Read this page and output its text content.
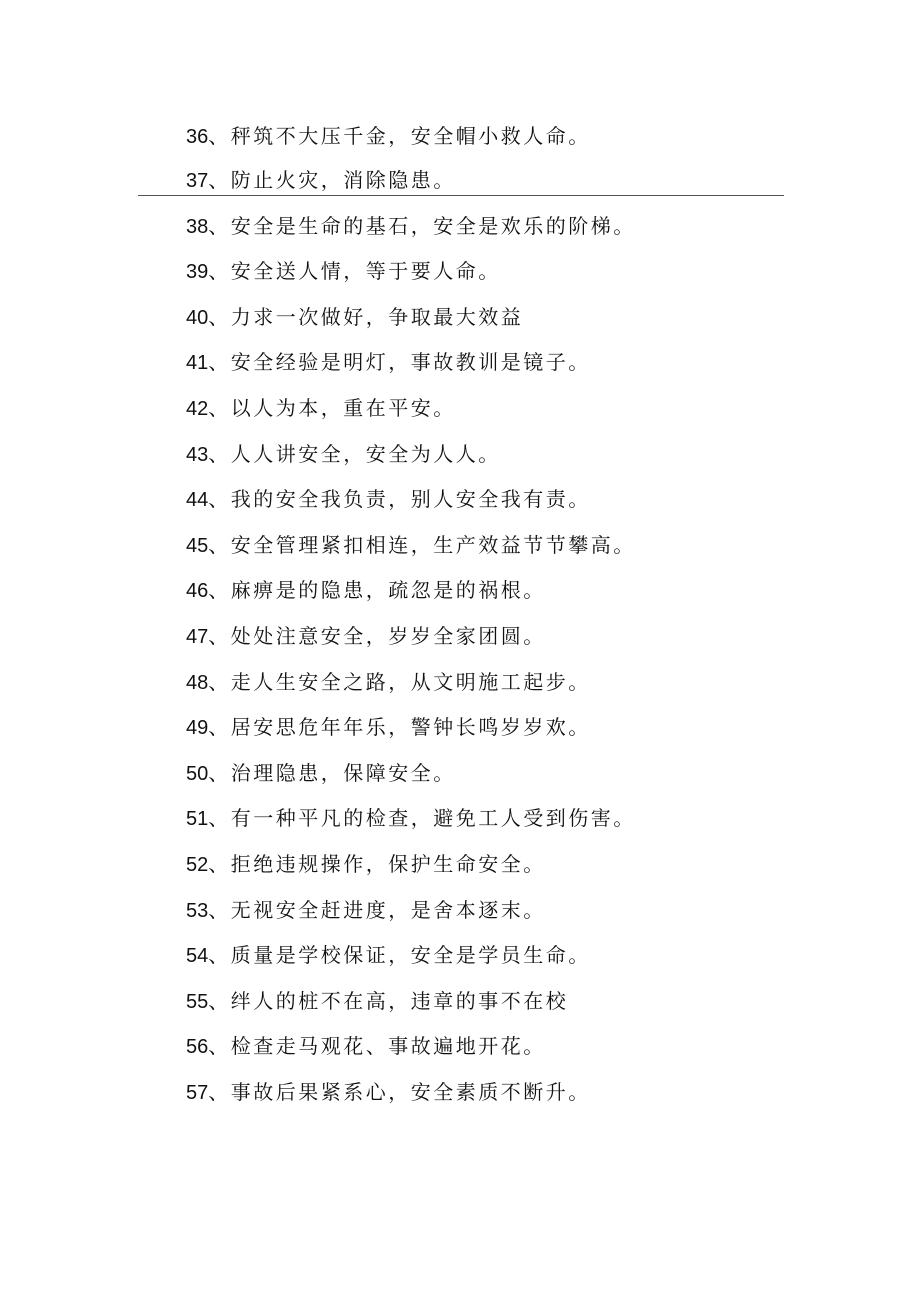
36、秤筑不大压千金，安全帽小救人命。
37、防止火灾，消除隐患。
38、安全是生命的基石，安全是欢乐的阶梯。
39、安全送人情，等于要人命。
40、力求一次做好，争取最大效益
41、安全经验是明灯，事故教训是镜子。
42、以人为本，重在平安。
43、人人讲安全，安全为人人。
44、我的安全我负责，别人安全我有责。
45、安全管理紧扣相连，生产效益节节攀高。
46、麻痹是的隐患，疏忽是的祸根。
47、处处注意安全，岁岁全家团圆。
48、走人生安全之路，从文明施工起步。
49、居安思危年年乐，警钟长鸣岁岁欢。
50、治理隐患，保障安全。
51、有一种平凡的检查，避免工人受到伤害。
52、拒绝违规操作，保护生命安全。
53、无视安全赶进度，是舍本逐末。
54、质量是学校保证，安全是学员生命。
55、绊人的桩不在高，违章的事不在校
56、检查走马观花、事故遍地开花。
57、事故后果紧系心，安全素质不断升。
